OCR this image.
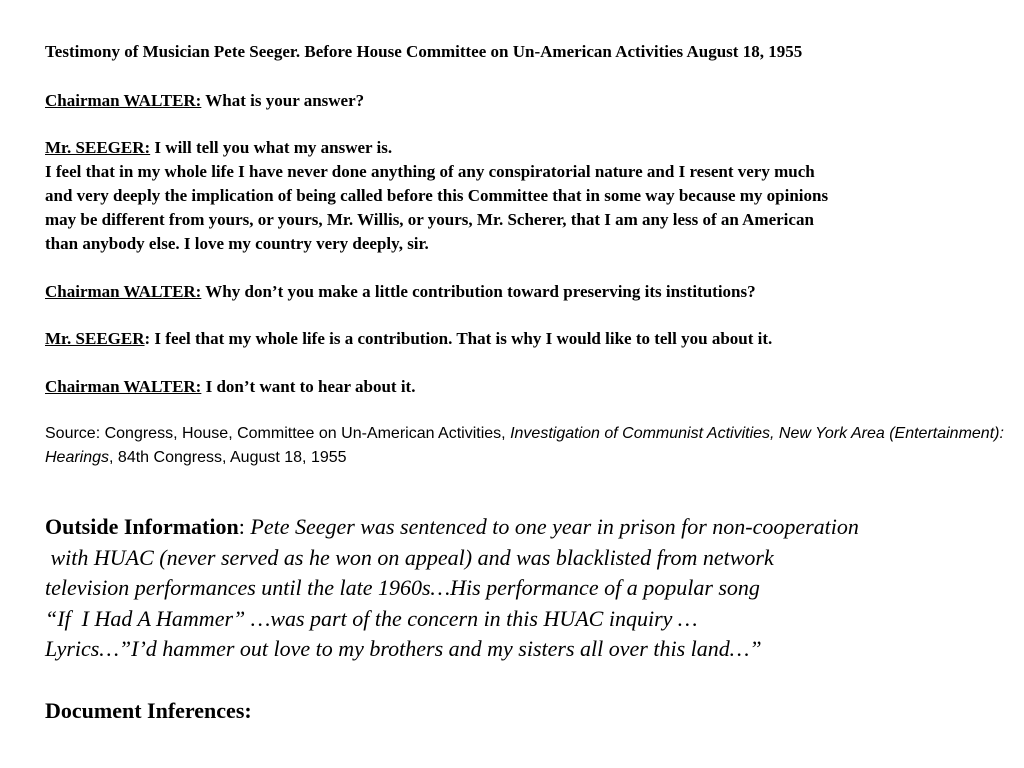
Testimony of Musician Pete Seeger. Before House Committee on Un-American Activities August 18, 1955
Chairman WALTER: What is your answer?
Mr. SEEGER: I will tell you what my answer is.
I feel that in my whole life I have never done anything of any conspiratorial nature and I resent very much
and very deeply the implication of being called before this Committee that in some way because my opinions
may be different from yours, or yours, Mr. Willis, or yours, Mr. Scherer, that I am any less of an American
than anybody else. I love my country very deeply, sir.
Chairman WALTER: Why don’t you make a little contribution toward preserving its institutions?
Mr. SEEGER: I feel that my whole life is a contribution. That is why I would like to tell you about it.
Chairman WALTER: I don’t want to hear about it.
Source: Congress, House, Committee on Un-American Activities, Investigation of Communist Activities, New York Area (Entertainment): Hearings, 84th Congress, August 18, 1955
Outside Information: Pete Seeger was sentenced to one year in prison for non-cooperation
with HUAC (never served as he won on appeal) and was blacklisted from network
television performances until the late 1960s…His performance of a popular song
“If  I Had A Hammer” …was part of the concern in this HUAC inquiry …
Lyrics…”I’d hammer out love to my brothers and my sisters all over this land…”
Document Inferences:
